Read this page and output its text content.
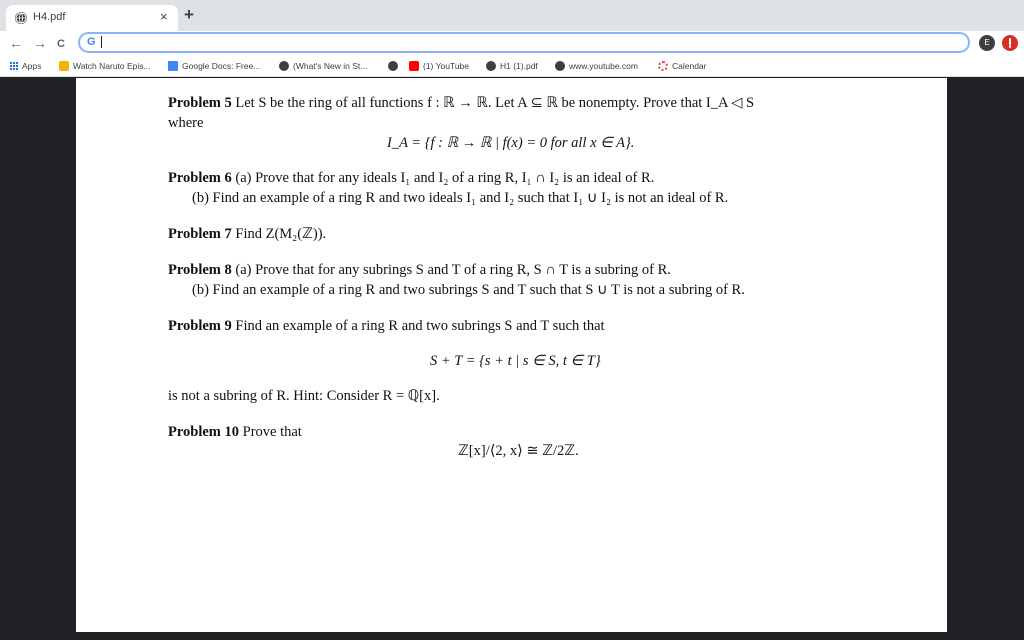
H4.pdf	× +
← → C G	E
Apps	Watch Naruto Epis...	Google Docs: Free...	(What's New in St...	(1) YouTube	H1 (1).pdf	www.youtube.com	Calendar
Problem 5 Let S be the ring of all functions f : ℝ → ℝ. Let A ⊆ ℝ be nonempty. Prove that I_A ◁ S
where
I_A = {f : ℝ → ℝ | f(x) = 0 for all x ∈ A}.
Problem 6 (a) Prove that for any ideals I₁ and I₂ of a ring R, I₁ ∩ I₂ is an ideal of R.
(b) Find an example of a ring R and two ideals I₁ and I₂ such that I₁ ∪ I₂ is not an ideal of R.
Problem 7 Find Z(M₂(ℤ)).
Problem 8 (a) Prove that for any subrings S and T of a ring R, S ∩ T is a subring of R.
(b) Find an example of a ring R and two subrings S and T such that S ∪ T is not a subring of R.
Problem 9 Find an example of a ring R and two subrings S and T such that
S + T = {s + t | s ∈ S, t ∈ T}
is not a subring of R. Hint: Consider R = ℚ[x].
Problem 10 Prove that
ℤ[x]/⟨2, x⟩ ≅ ℤ/2ℤ.
